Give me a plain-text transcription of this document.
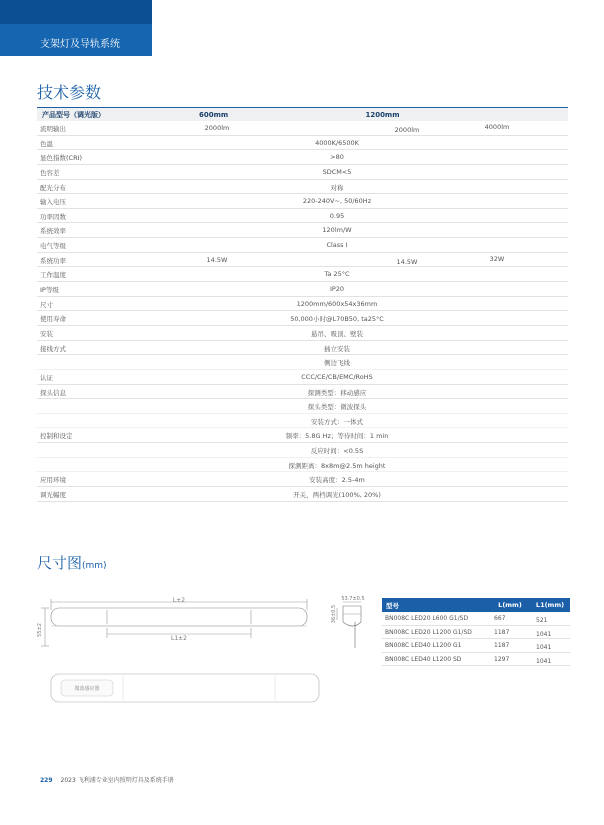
支架灯及导轨系统
技术参数
产品型号（调光版）	600mm	1200mm
流明输出	2000lm	2000lm	4000lm
色温	4000K/6500K
显色指数(CRI)	>80
色容差	SDCM<5
配光分布	对称
输入电压	220-240V~, 50/60Hz
功率因数	0.95
系统效率	120lm/W
电气等级	Class I
系统功率	14.5W	14.5W	32W
工作温度	Ta 25°C
IP等级	IP20
尺寸	1200mm/600x54x36mm
使用寿命	50,000小时@L70B50, ta25°C
安装	悬吊、吸顶、壁装
接线方式	插立安装
侧边飞线
认证	CCC/CE/CB/EMC/RoHS
探头信息	探测类型：移动感应
探头类型：微波探头
安装方式：一体式
控制和设定	频率：5.8G Hz；等待时间：1 min
反应时间：<0.5S
探测距离：8x8m@2.5m height
应用环境	安装高度：2.5-4m
调光幅度	开关，两档调光(100%, 20%)
尺寸图(mm)
L±2
L1±2
55±2
36±0.5
53.7±0.5
微波感应器
型号	L(mm)	L1(mm)
BN008C LED20 L600 G1/SD	667	521
BN008C LED20 L1200 G1/SD	1187	1041
BN008C LED40 L1200 G1	1187	1041
BN008C LED40 L1200 SD	1297	1041
229 2023 飞利浦专业室内照明灯具及系统手册
